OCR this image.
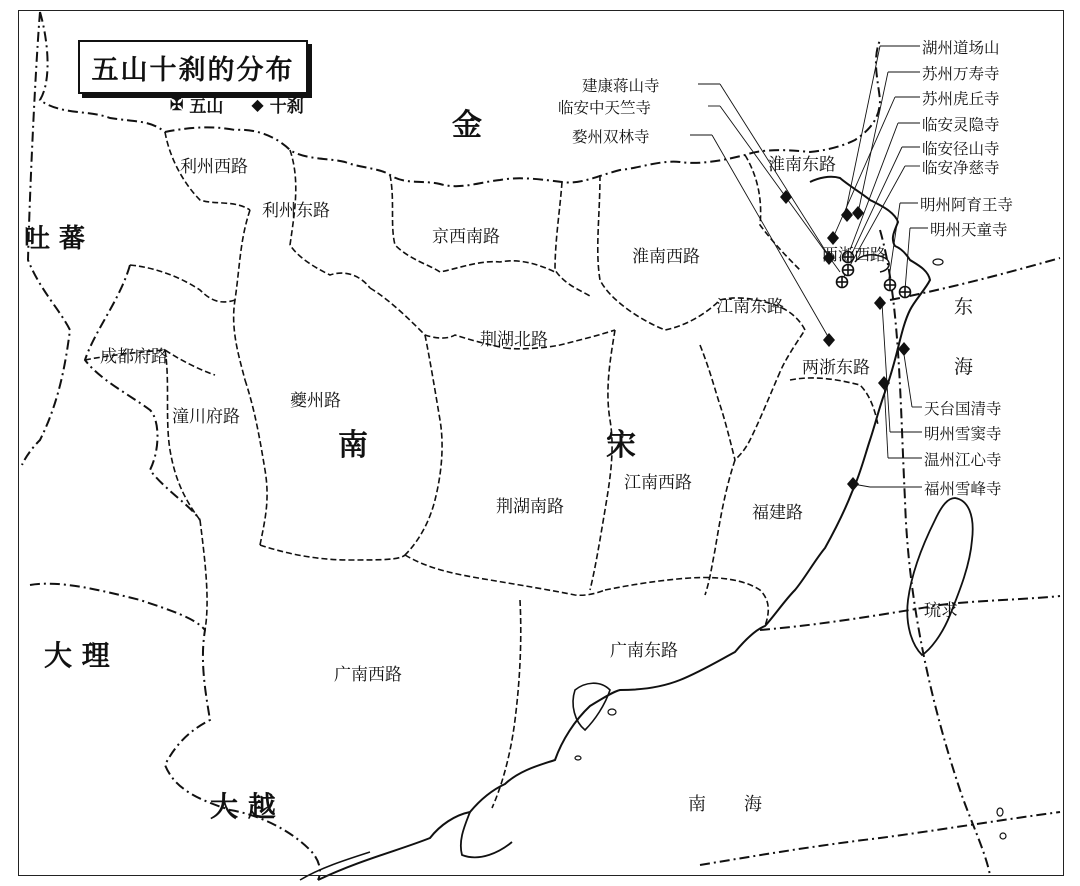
五山十刹的分布
✠ 五山 ◆ 十刹
金
吐 蕃
南	宋
大 理
大 越
利州西路
利州东路
京西南路
淮南东路
淮南西路	两浙西路
江南东路
两浙东路
成都府路
潼川府路
夔州路
荆湖北路
荆湖南路
江南西路
福建路
广南西路
广南东路
东
海
南 海
琉求
建康蒋山寺
临安中天竺寺
婺州双林寺
湖州道场山
苏州万寿寺
苏州虎丘寺
临安灵隐寺
临安径山寺
临安净慈寺
明州阿育王寺
明州天童寺
天台国清寺
明州雪窦寺
温州江心寺
福州雪峰寺
